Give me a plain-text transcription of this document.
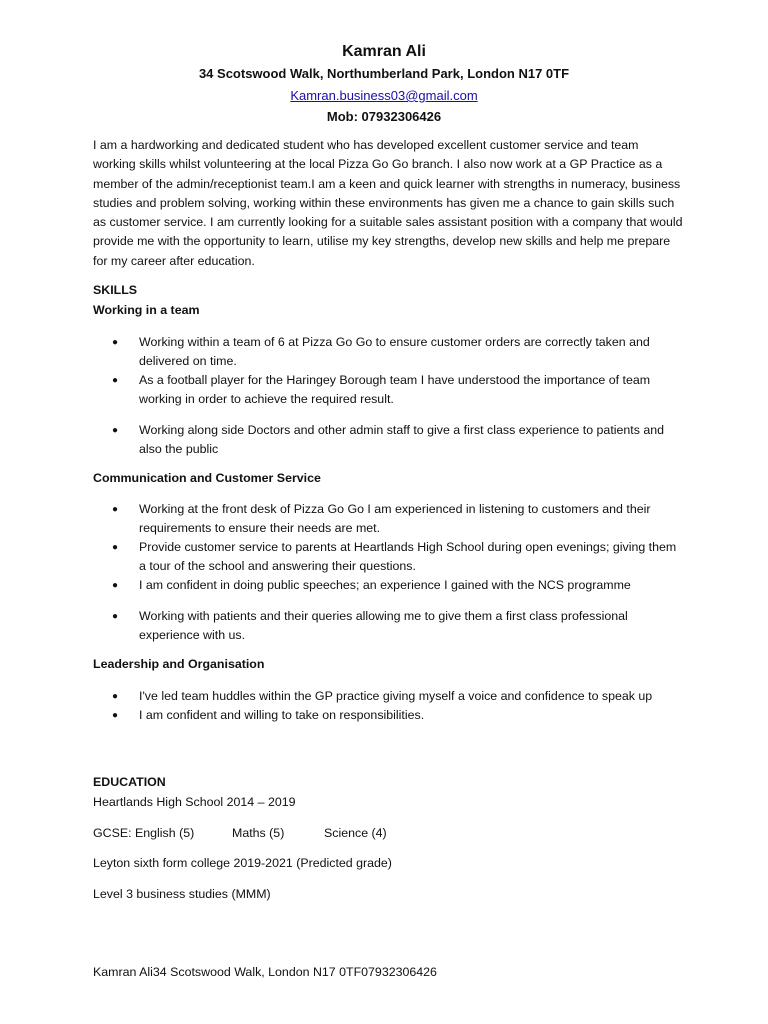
Kamran Ali
34 Scotswood Walk, Northumberland Park, London N17 0TF
Kamran.business03@gmail.com
Mob: 07932306426

I am a hardworking and dedicated student who has developed excellent customer service and team working skills whilst volunteering at the local Pizza Go Go branch. I also now work at a GP Practice as a member of the admin/receptionist team.I am a keen and quick learner with strengths in numeracy, business studies and problem solving, working within these environments has given me a chance to gain skills such as customer service. I am currently looking for a suitable sales assistant position with a company that would provide me with the opportunity to learn, utilise my key strengths, develop new skills and help me prepare for my career after education.

SKILLS
Working in a team
● Working within a team of 6 at Pizza Go Go to ensure customer orders are correctly taken and delivered on time.
● As a football player for the Haringey Borough team I have understood the importance of team working in order to achieve the required result.
● Working along side Doctors and other admin staff to give a first class experience to patients and also the public
Communication and Customer Service
● Working at the front desk of Pizza Go Go I am experienced in listening to customers and their requirements to ensure their needs are met.
● Provide customer service to parents at Heartlands High School during open evenings; giving them a tour of the school and answering their questions.
● I am confident in doing public speeches; an experience I gained with the NCS programme
● Working with patients and their queries allowing me to give them a first class professional experience with us.
Leadership and Organisation
● I've led team huddles within the GP practice giving myself a voice and confidence to speak up
● I am confident and willing to take on responsibilities.
EDUCATION
Heartlands High School 2014 – 2019
GCSE: English (5)	Maths (5)	Science (4)
Leyton sixth form college 2019-2021 (Predicted grade)
Level 3 business studies (MMM)
Kamran Ali34 Scotswood Walk, London N17 0TF07932306426
